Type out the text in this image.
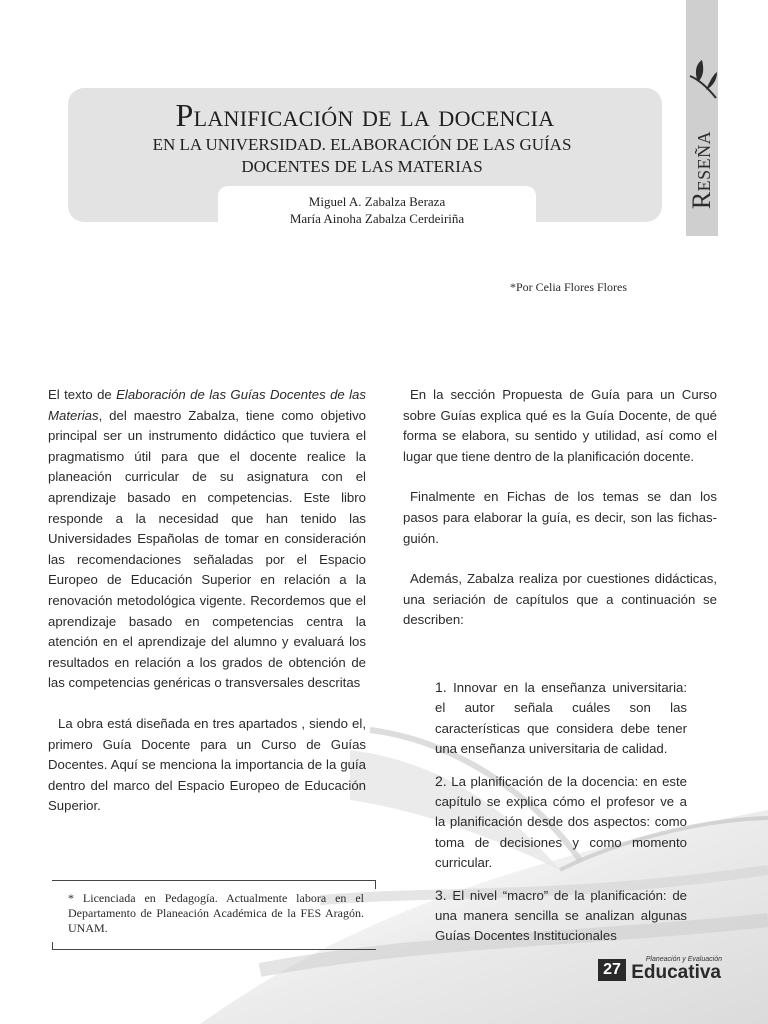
Reseña
Planificación de la docencia
EN LA UNIVERSIDAD. ELABORACIÓN DE LAS GUÍAS
DOCENTES DE LAS MATERIAS
Miguel A. Zabalza Beraza
María Ainoha Zabalza Cerdeiriña
*Por Celia Flores Flores

El texto de Elaboración de las Guías Docentes de las Materias, del maestro Zabalza, tiene como objetivo principal ser un instrumento didáctico que tuviera el pragmatismo útil para que el docente realice la planeación curricular de su asignatura con el aprendizaje basado en competencias. Este libro responde a la necesidad que han tenido las Universidades Españolas de tomar en consideración las recomendaciones señaladas por el Espacio Europeo de Educación Superior en relación a la renovación metodológica vigente. Recordemos que el aprendizaje basado en competencias centra la atención en el aprendizaje del alumno y evaluará los resultados en relación a los grados de obtención de las competencias genéricas o transversales descritas

La obra está diseñada en tres apartados , siendo el, primero Guía Docente para un Curso de Guías Docentes. Aquí se menciona la importancia de la guía dentro del marco del Espacio Europeo de Educación Superior.

En la sección Propuesta de Guía para un Curso sobre Guías explica qué es la Guía Docente, de qué forma se elabora, su sentido y utilidad, así como el lugar que tiene dentro de la planificación docente.

Finalmente en Fichas de los temas se dan los pasos para elaborar la guía, es decir, son las fichas-guión.

Además, Zabalza realiza por cuestiones didácticas, una seriación de capítulos que a continuación se describen:

1. Innovar en la enseñanza universitaria: el autor señala cuáles son las características que considera debe tener una enseñanza universitaria de calidad.

2. La planificación de la docencia: en este capítulo se explica cómo el profesor ve a la planificación desde dos aspectos: como toma de decisiones y como momento curricular.

3. El nivel “macro” de la planificación: de una manera sencilla se analizan algunas Guías Docentes Institucionales

* Licenciada en Pedagogía. Actualmente labora en el Departamento de Planeación Académica de la FES Aragón. UNAM.

27
Planeación y Evaluación
Educativa
